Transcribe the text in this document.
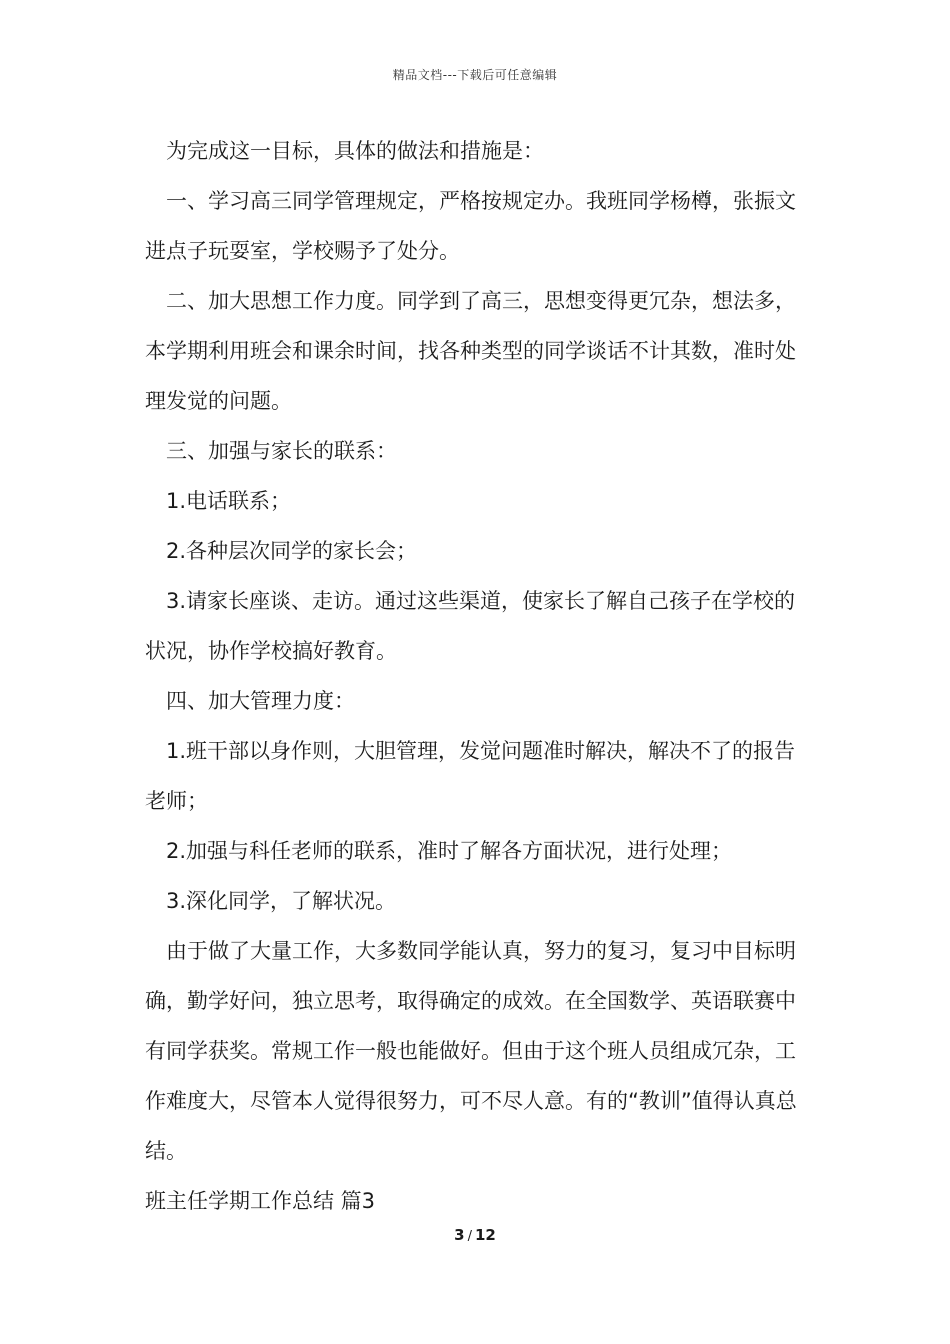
精品文档---下载后可任意编辑

为完成这一目标，具体的做法和措施是：

一、学习高三同学管理规定，严格按规定办。我班同学杨樽，张振文进点子玩耍室，学校赐予了处分。

二、加大思想工作力度。同学到了高三，思想变得更冗杂，想法多，本学期利用班会和课余时间，找各种类型的同学谈话不计其数，准时处理发觉的问题。

三、加强与家长的联系：

1.电话联系；

2.各种层次同学的家长会；

3.请家长座谈、走访。通过这些渠道，使家长了解自己孩子在学校的状况，协作学校搞好教育。

四、加大管理力度：

1.班干部以身作则，大胆管理，发觉问题准时解决，解决不了的报告老师；

2.加强与科任老师的联系，准时了解各方面状况，进行处理；

3.深化同学，了解状况。

由于做了大量工作，大多数同学能认真，努力的复习，复习中目标明确，勤学好问，独立思考，取得确定的成效。在全国数学、英语联赛中有同学获奖。常规工作一般也能做好。但由于这个班人员组成冗杂，工作难度大，尽管本人觉得很努力，可不尽人意。有的“教训”值得认真总结。

班主任学期工作总结 篇3

3 / 12
